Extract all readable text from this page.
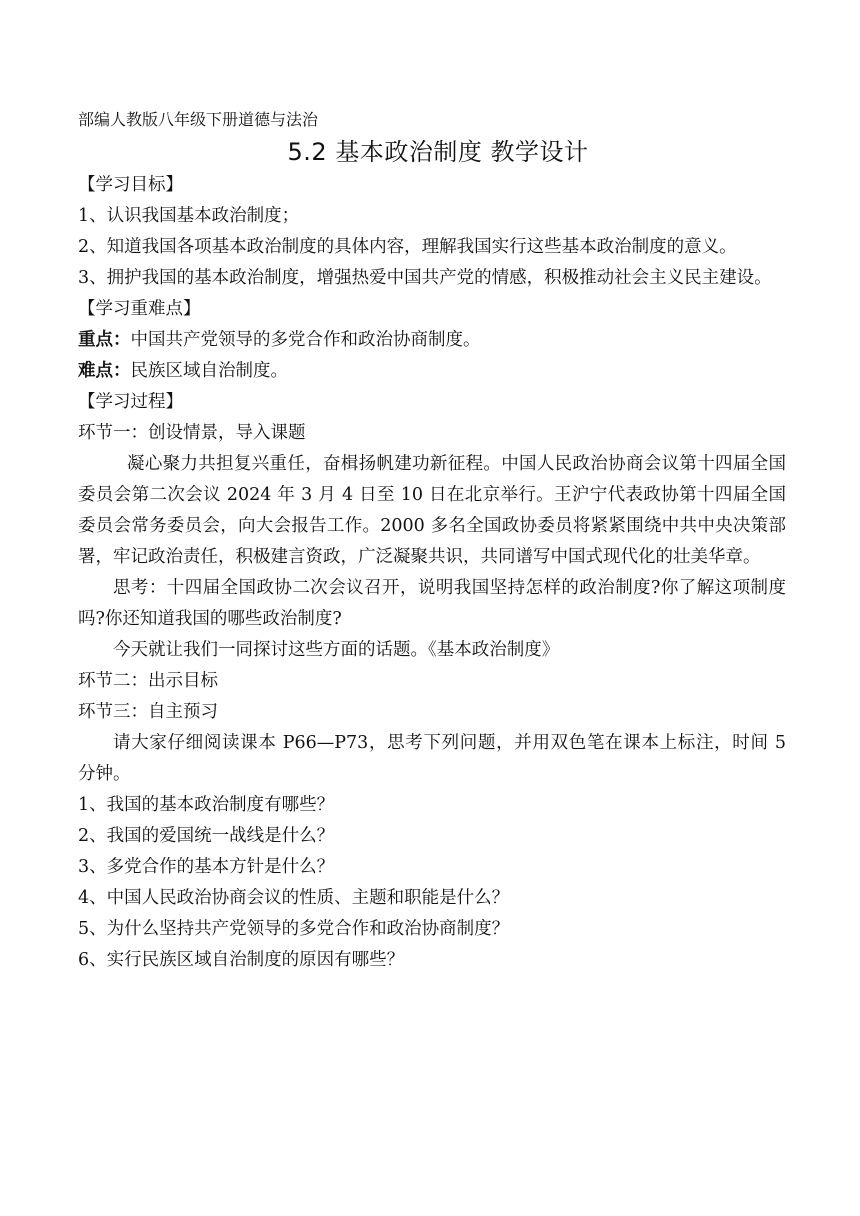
部编人教版八年级下册道德与法治
5.2 基本政治制度 教学设计
【学习目标】
1、认识我国基本政治制度；
2、知道我国各项基本政治制度的具体内容，理解我国实行这些基本政治制度的意义。
3、拥护我国的基本政治制度，增强热爱中国共产党的情感，积极推动社会主义民主建设。
【学习重难点】
重点：中国共产党领导的多党合作和政治协商制度。
难点：民族区域自治制度。
【学习过程】
环节一：创设情景，导入课题
凝心聚力共担复兴重任，奋楫扬帆建功新征程。中国人民政治协商会议第十四届全国委员会第二次会议 2024 年 3 月 4 日至 10 日在北京举行。王沪宁代表政协第十四届全国委员会常务委员会，向大会报告工作。2000 多名全国政协委员将紧紧围绕中共中央决策部署，牢记政治责任，积极建言资政，广泛凝聚共识，共同谱写中国式现代化的壮美华章。
思考：十四届全国政协二次会议召开，说明我国坚持怎样的政治制度?你了解这项制度吗?你还知道我国的哪些政治制度?
今天就让我们一同探讨这些方面的话题。《基本政治制度》
环节二：出示目标
环节三：自主预习
请大家仔细阅读课本 P66—P73，思考下列问题，并用双色笔在课本上标注，时间 5 分钟。
1、我国的基本政治制度有哪些？
2、我国的爱国统一战线是什么？
3、多党合作的基本方针是什么？
4、中国人民政治协商会议的性质、主题和职能是什么？
5、为什么坚持共产党领导的多党合作和政治协商制度？
6、实行民族区域自治制度的原因有哪些？
